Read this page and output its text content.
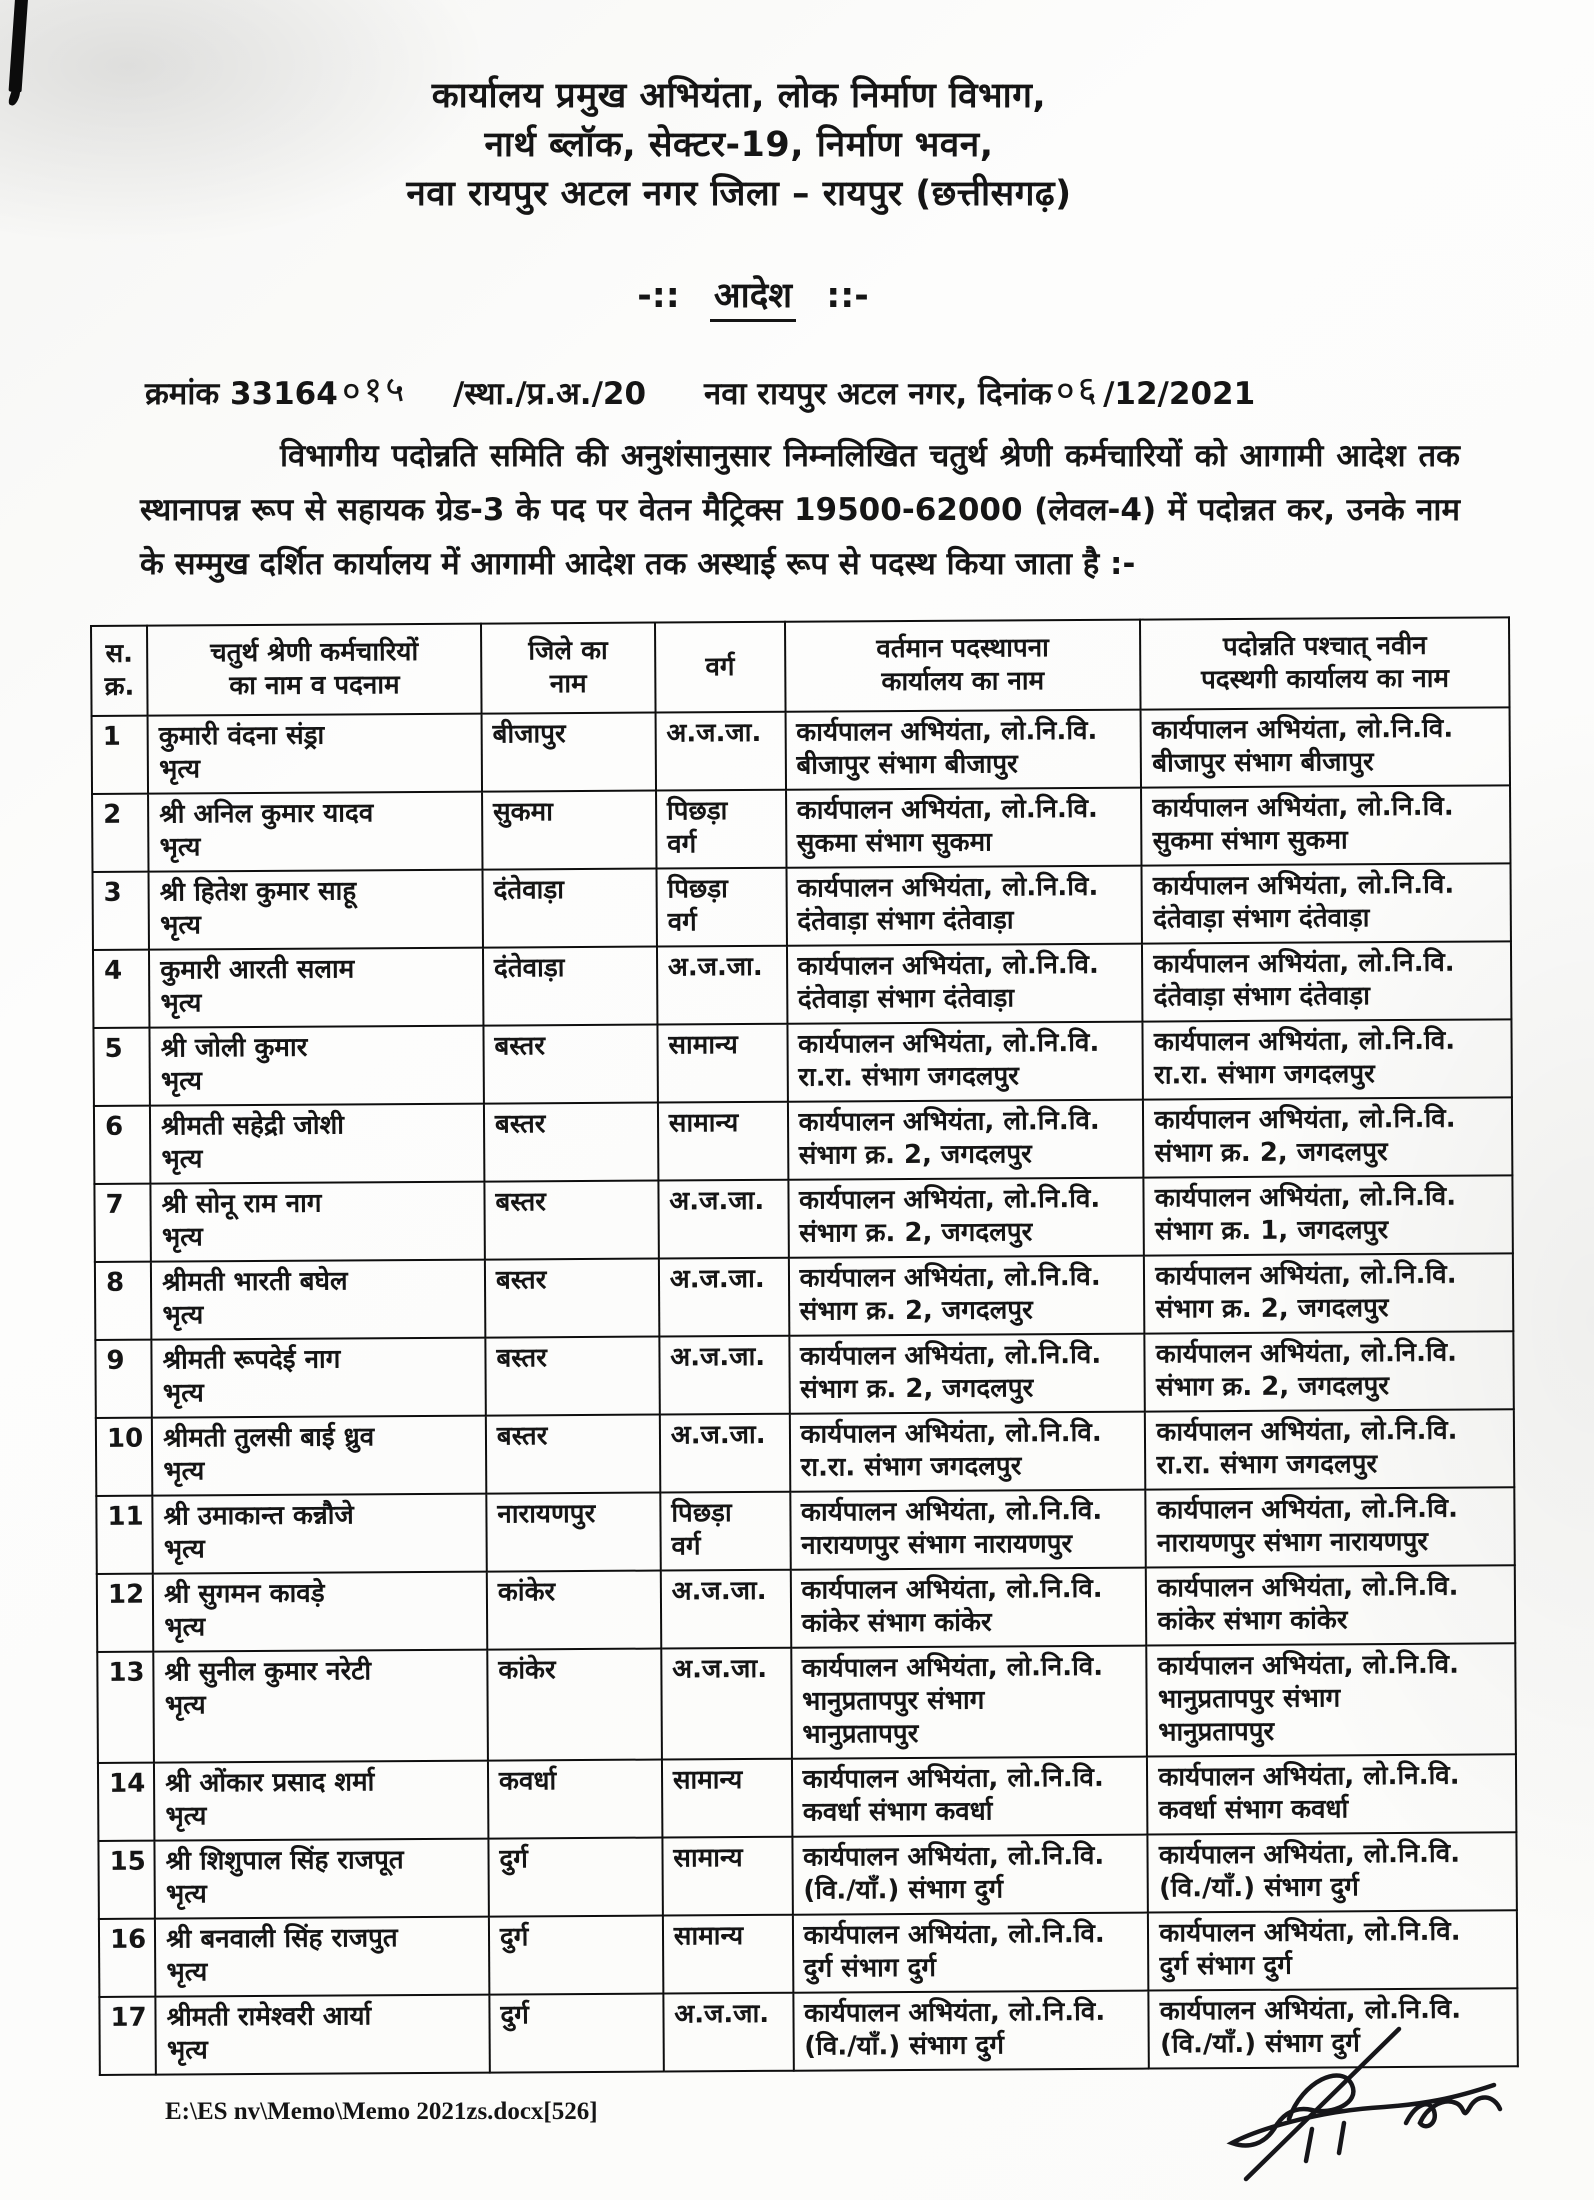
कार्यालय प्रमुख अभियंता, लोक निर्माण विभाग,
नार्थ ब्लॉक, सेक्टर-19, निर्माण भवन,
नवा रायपुर अटल नगर जिला – रायपुर (छत्तीसगढ़)
-:: आदेश ::-
क्रमांक 33164 ०१५ /स्था./प्र.अ./20 नवा रायपुर अटल नगर, दिनांक ०६ /12/2021
विभागीय पदोन्नति समिति की अनुशंसानुसार निम्नलिखित चतुर्थ श्रेणी कर्मचारियों को आगामी आदेश तक स्थानापन्न रूप से सहायक ग्रेड-3 के पद पर वेतन मैट्रिक्स 19500-62000 (लेवल-4) में पदोन्नत कर, उनके नाम के सम्मुख दर्शित कार्यालय में आगामी आदेश तक अस्थाई रूप से पदस्थ किया जाता है :-
स.
क्र.	चतुर्थ श्रेणी कर्मचारियों
का नाम व पदनाम	जिले का
नाम	वर्ग	वर्तमान पदस्थापना
कार्यालय का नाम	पदोन्नति पश्चात् नवीन
पदस्थगी कार्यालय का नाम
1	कुमारी वंदना संड्रा
भृत्य	बीजापुर	अ.ज.जा.	कार्यपालन अभियंता, लो.नि.वि.
बीजापुर संभाग बीजापुर	कार्यपालन अभियंता, लो.नि.वि.
बीजापुर संभाग बीजापुर
2	श्री अनिल कुमार यादव
भृत्य	सुकमा	पिछड़ा
वर्ग	कार्यपालन अभियंता, लो.नि.वि.
सुकमा संभाग सुकमा	कार्यपालन अभियंता, लो.नि.वि.
सुकमा संभाग सुकमा
3	श्री हितेश कुमार साहू
भृत्य	दंतेवाड़ा	पिछड़ा
वर्ग	कार्यपालन अभियंता, लो.नि.वि.
दंतेवाड़ा संभाग दंतेवाड़ा	कार्यपालन अभियंता, लो.नि.वि.
दंतेवाड़ा संभाग दंतेवाड़ा
4	कुमारी आरती सलाम
भृत्य	दंतेवाड़ा	अ.ज.जा.	कार्यपालन अभियंता, लो.नि.वि.
दंतेवाड़ा संभाग दंतेवाड़ा	कार्यपालन अभियंता, लो.नि.वि.
दंतेवाड़ा संभाग दंतेवाड़ा
5	श्री जोली कुमार
भृत्य	बस्तर	सामान्य	कार्यपालन अभियंता, लो.नि.वि.
रा.रा. संभाग जगदलपुर	कार्यपालन अभियंता, लो.नि.वि.
रा.रा. संभाग जगदलपुर
6	श्रीमती सहेद्री जोशी
भृत्य	बस्तर	सामान्य	कार्यपालन अभियंता, लो.नि.वि.
संभाग क्र. 2, जगदलपुर	कार्यपालन अभियंता, लो.नि.वि.
संभाग क्र. 2, जगदलपुर
7	श्री सोनू राम नाग
भृत्य	बस्तर	अ.ज.जा.	कार्यपालन अभियंता, लो.नि.वि.
संभाग क्र. 2, जगदलपुर	कार्यपालन अभियंता, लो.नि.वि.
संभाग क्र. 1, जगदलपुर
8	श्रीमती भारती बघेल
भृत्य	बस्तर	अ.ज.जा.	कार्यपालन अभियंता, लो.नि.वि.
संभाग क्र. 2, जगदलपुर	कार्यपालन अभियंता, लो.नि.वि.
संभाग क्र. 2, जगदलपुर
9	श्रीमती रूपदेई नाग
भृत्य	बस्तर	अ.ज.जा.	कार्यपालन अभियंता, लो.नि.वि.
संभाग क्र. 2, जगदलपुर	कार्यपालन अभियंता, लो.नि.वि.
संभाग क्र. 2, जगदलपुर
10	श्रीमती तुलसी बाई ध्रुव
भृत्य	बस्तर	अ.ज.जा.	कार्यपालन अभियंता, लो.नि.वि.
रा.रा. संभाग जगदलपुर	कार्यपालन अभियंता, लो.नि.वि.
रा.रा. संभाग जगदलपुर
11	श्री उमाकान्त कन्नौजे
भृत्य	नारायणपुर	पिछड़ा
वर्ग	कार्यपालन अभियंता, लो.नि.वि.
नारायणपुर संभाग नारायणपुर	कार्यपालन अभियंता, लो.नि.वि.
नारायणपुर संभाग नारायणपुर
12	श्री सुगमन कावड़े
भृत्य	कांकेर	अ.ज.जा.	कार्यपालन अभियंता, लो.नि.वि.
कांकेर संभाग कांकेर	कार्यपालन अभियंता, लो.नि.वि.
कांकेर संभाग कांकेर
13	श्री सुनील कुमार नरेटी
भृत्य	कांकेर	अ.ज.जा.	कार्यपालन अभियंता, लो.नि.वि.
भानुप्रतापपुर संभाग
भानुप्रतापपुर	कार्यपालन अभियंता, लो.नि.वि.
भानुप्रतापपुर संभाग
भानुप्रतापपुर
14	श्री ओंकार प्रसाद शर्मा
भृत्य	कवर्धा	सामान्य	कार्यपालन अभियंता, लो.नि.वि.
कवर्धा संभाग कवर्धा	कार्यपालन अभियंता, लो.नि.वि.
कवर्धा संभाग कवर्धा
15	श्री शिशुपाल सिंह राजपूत
भृत्य	दुर्ग	सामान्य	कार्यपालन अभियंता, लो.नि.वि.
(वि./याँ.) संभाग दुर्ग	कार्यपालन अभियंता, लो.नि.वि.
(वि./याँ.) संभाग दुर्ग
16	श्री बनवाली सिंह राजपुत
भृत्य	दुर्ग	सामान्य	कार्यपालन अभियंता, लो.नि.वि.
दुर्ग संभाग दुर्ग	कार्यपालन अभियंता, लो.नि.वि.
दुर्ग संभाग दुर्ग
17	श्रीमती रामेश्वरी आर्या
भृत्य	दुर्ग	अ.ज.जा.	कार्यपालन अभियंता, लो.नि.वि.
(वि./याँ.) संभाग दुर्ग	कार्यपालन अभियंता, लो.नि.वि.
(वि./याँ.) संभाग दुर्ग
E:\ES nv\Memo\Memo 2021zs.docx[526]
